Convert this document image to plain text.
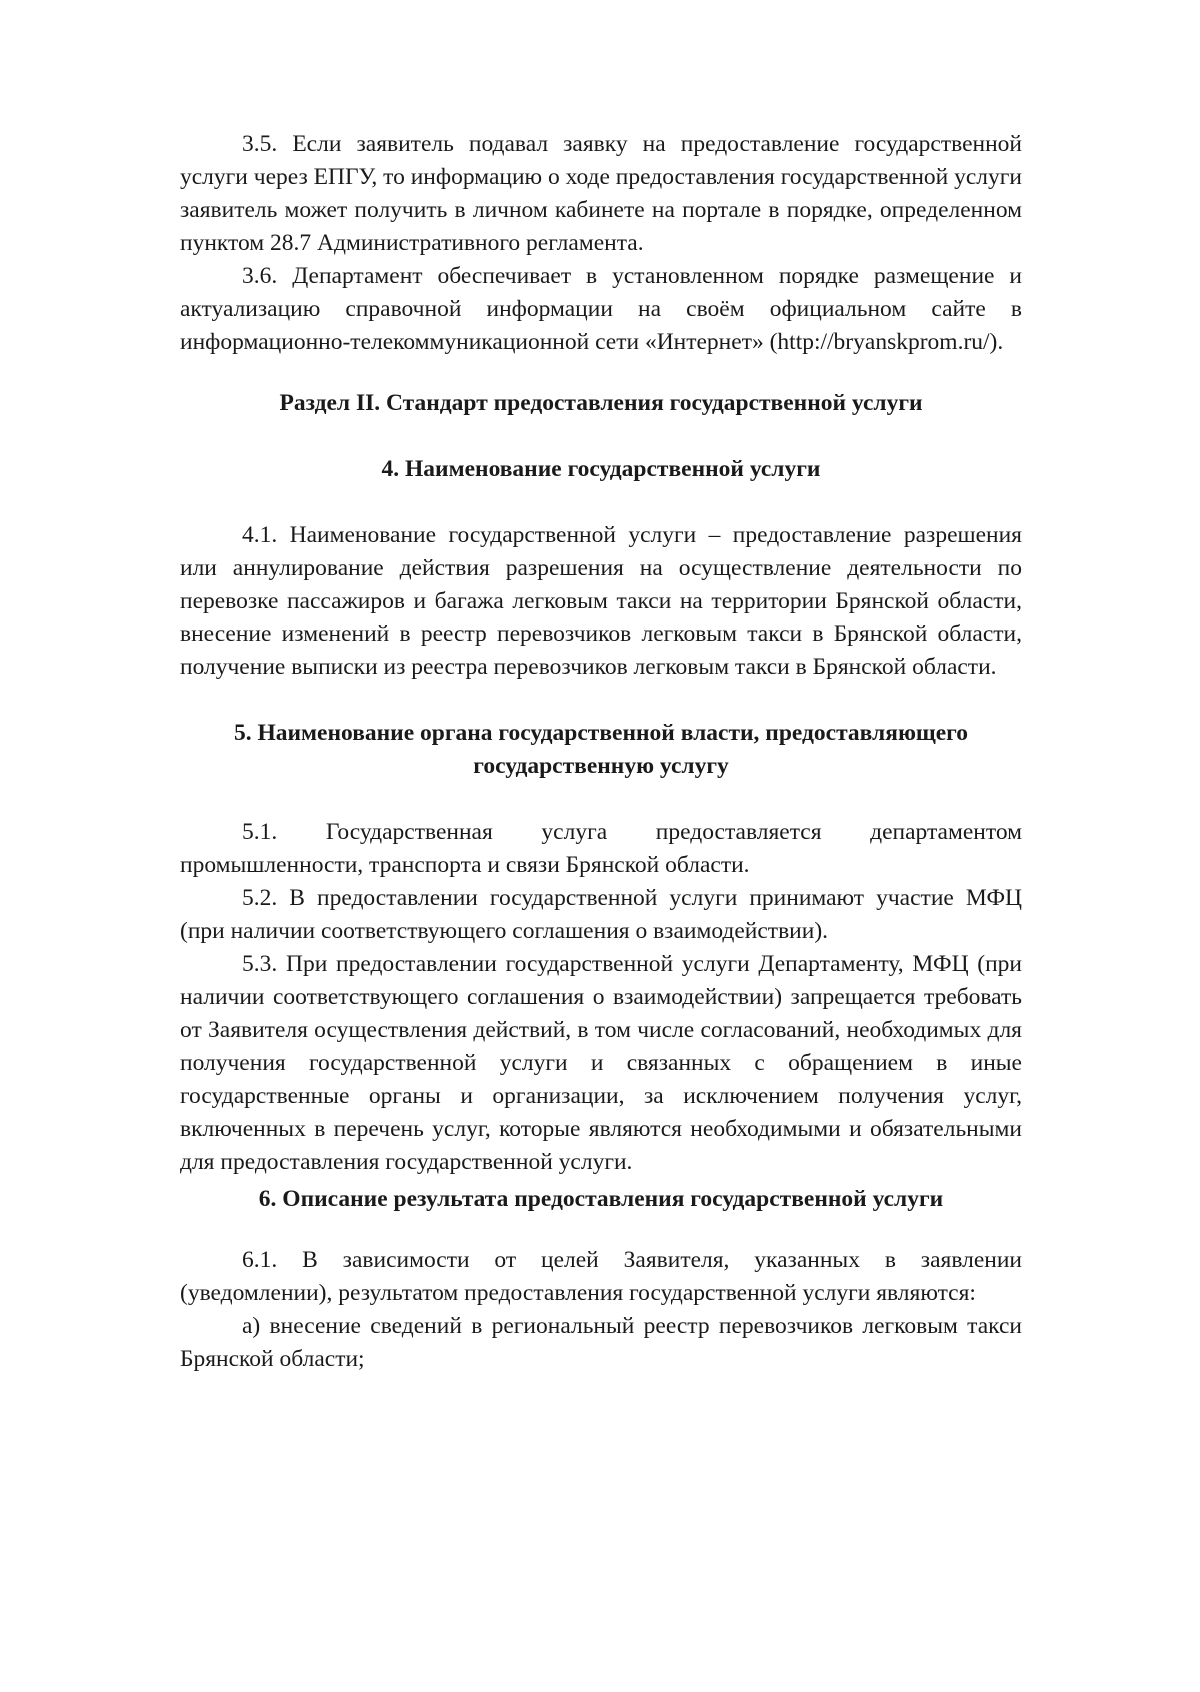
3.5. Если заявитель подавал заявку на предоставление государственной услуги через ЕПГУ, то информацию о ходе предоставления государственной услуги заявитель может получить в личном кабинете на портале в порядке, определенном пунктом 28.7 Административного регламента.

3.6. Департамент обеспечивает в установленном порядке размещение и актуализацию справочной информации на своём официальном сайте в информационно-телекоммуникационной сети «Интернет» (http://bryanskprom.ru/).

Раздел II. Стандарт предоставления государственной услуги
4. Наименование государственной услуги

4.1. Наименование государственной услуги – предоставление разрешения или аннулирование действия разрешения на осуществление деятельности по перевозке пассажиров и багажа легковым такси на территории Брянской области, внесение изменений в реестр перевозчиков легковым такси в Брянской области, получение выписки из реестра перевозчиков легковым такси в Брянской области.

5. Наименование органа государственной власти, предоставляющего
государственную услугу

5.1. Государственная услуга предоставляется департаментом промышленности, транспорта и связи Брянской области.

5.2. В предоставлении государственной услуги принимают участие МФЦ (при наличии соответствующего соглашения о взаимодействии).

5.3. При предоставлении государственной услуги Департаменту, МФЦ (при наличии соответствующего соглашения о взаимодействии) запрещается требовать от Заявителя осуществления действий, в том числе согласований, необходимых для получения государственной услуги и связанных с обращением в иные государственные органы и организации, за исключением получения услуг, включенных в перечень услуг, которые являются необходимыми и обязательными для предоставления государственной услуги.

6. Описание результата предоставления государственной услуги

6.1. В зависимости от целей Заявителя, указанных в заявлении (уведомлении), результатом предоставления государственной услуги являются:

а) внесение сведений в региональный реестр перевозчиков легковым такси Брянской области;
